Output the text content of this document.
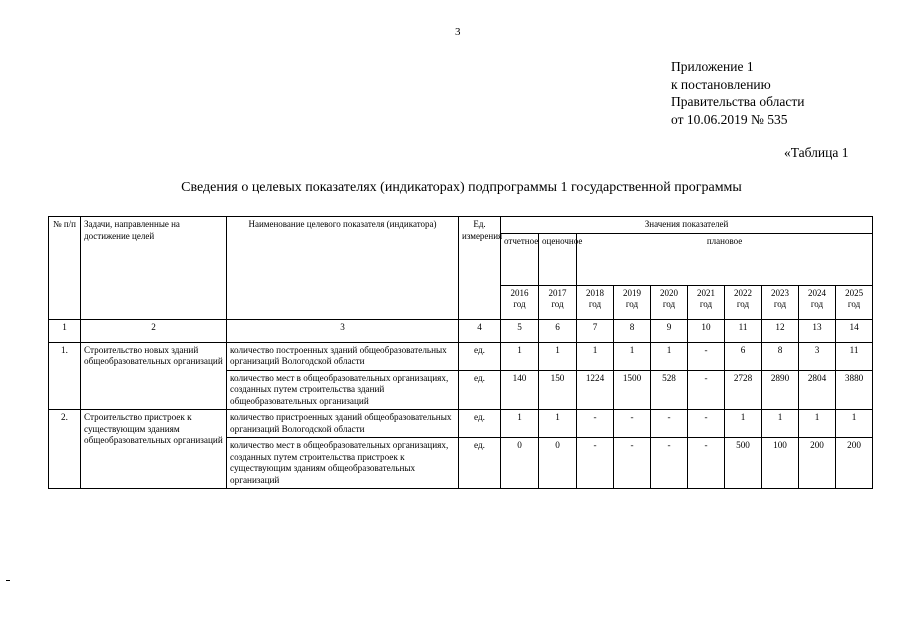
3
Приложение 1
к постановлению
Правительства области
от 10.06.2019 № 535
«Таблица 1
Сведения о целевых показателях (индикаторах) подпрограммы 1 государственной программы
№ п/п	Задачи, направленные на достижение целей	Наименование целевого показателя (индикатора)	Ед. измерения	Значения показателей									
				отчетное	оценочное	плановое							
				2016 год	2017 год	2018 год	2019 год	2020 год	2021 год	2022 год	2023 год	2024 год	2025 год
1	2	3	4	5	6	7	8	9	10	11	12	13	14
1.	Строительство новых зданий общеобразовательных организаций	количество построенных зданий общеобразовательных организаций Вологодской области	ед.	1	1	1	1	1	-	6	8	3	11
		количество мест в общеобразовательных организациях, созданных путем строительства зданий общеобразовательных организаций	ед.	140	150	1224	1500	528	-	2728	2890	2804	3880
2.	Строительство пристроек к существующим зданиям общеобразовательных организаций	количество пристроенных зданий общеобразовательных организаций Вологодской области	ед.	1	1	-	-	-	-	1	1	1	1
		количество мест в общеобразовательных организациях, созданных путем строительства пристроек к существующим зданиям общеобразовательных организаций	ед.	0	0	-	-	-	-	500	100	200	200
